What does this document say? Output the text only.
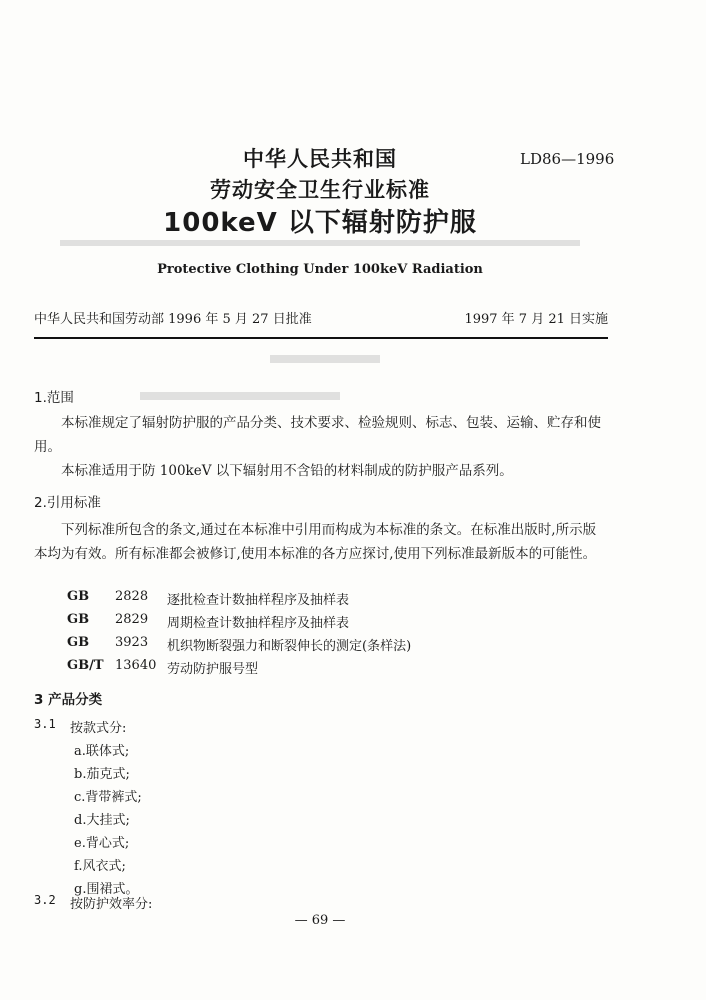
中华人民共和国
劳动安全卫生行业标准
100keV 以下辐射防护服
LD86—1996
Protective Clothing Under 100keV Radiation
中华人民共和国劳动部 1996 年 5 月 27 日批准	1997 年 7 月 21 日实施
1.范围
本标准规定了辐射防护服的产品分类、技术要求、检验规则、标志、包装、运输、贮存和使用。
本标准适用于防 100keV 以下辐射用不含铅的材料制成的防护服产品系列。
2.引用标准
下列标准所包含的条文,通过在本标准中引用而构成为本标准的条文。在标准出版时,所示版本均为有效。所有标准都会被修订,使用本标准的各方应探讨,使用下列标准最新版本的可能性。
GB	2828	逐批检查计数抽样程序及抽样表
GB	2829	周期检查计数抽样程序及抽样表
GB	3923	机织物断裂强力和断裂伸长的测定(条样法)
GB/T 13640 劳动防护服号型
3 产品分类
3.1	按款式分:
a.联体式;
b.茄克式;
c.背带裤式;
d.大挂式;
e.背心式;
f.风衣式;
g.围裙式。
3.2	按防护效率分:
— 69 —
